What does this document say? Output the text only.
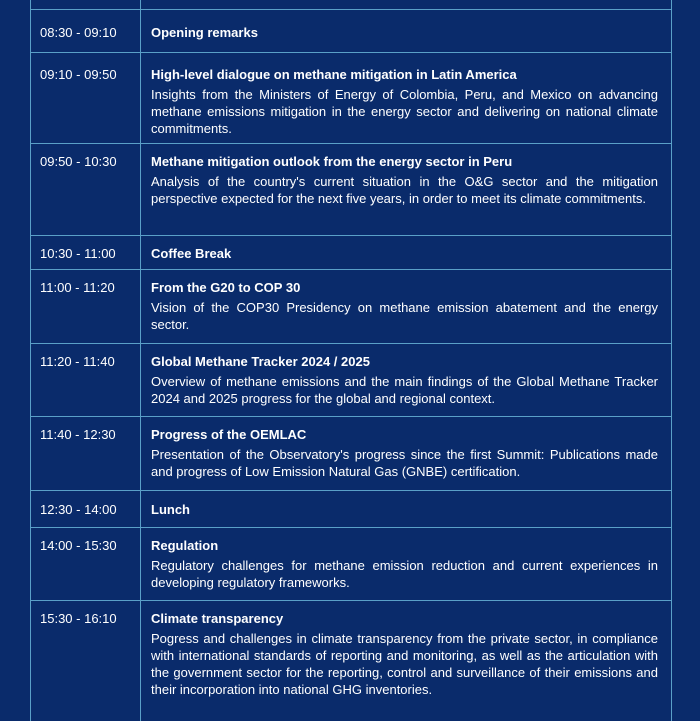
08:30 - 09:10	Opening remarks
09:10 - 09:50	High-level dialogue on methane mitigation in Latin America
Insights from the Ministers of Energy of Colombia, Peru, and Mexico on advancing methane emissions mitigation in the energy sector and delivering on national climate commitments.
09:50 - 10:30	Methane mitigation outlook from the energy sector in Peru
Analysis of the country's current situation in the O&G sector and the mitigation perspective expected for the next five years, in order to meet its climate commitments.
10:30 - 11:00	Coffee Break
11:00 - 11:20	From the G20 to COP 30
Vision of the COP30 Presidency on methane emission abatement and the energy sector.
11:20 - 11:40	Global Methane Tracker 2024 / 2025
Overview of methane emissions and the main findings of the Global Methane Tracker 2024 and 2025 progress for the global and regional context.
11:40 - 12:30	Progress of the OEMLAC
Presentation of the Observatory's progress since the first Summit: Publications made and progress of Low Emission Natural Gas (GNBE) certification.
12:30 - 14:00	Lunch
14:00 - 15:30	Regulation
Regulatory challenges for methane emission reduction and current experiences in developing regulatory frameworks.
15:30 - 16:10	Climate transparency
Pogress and challenges in climate transparency from the private sector, in compliance with international standards of reporting and monitoring, as well as the articulation with the government sector for the reporting, control and surveillance of their emissions and their incorporation into national GHG inventories.
